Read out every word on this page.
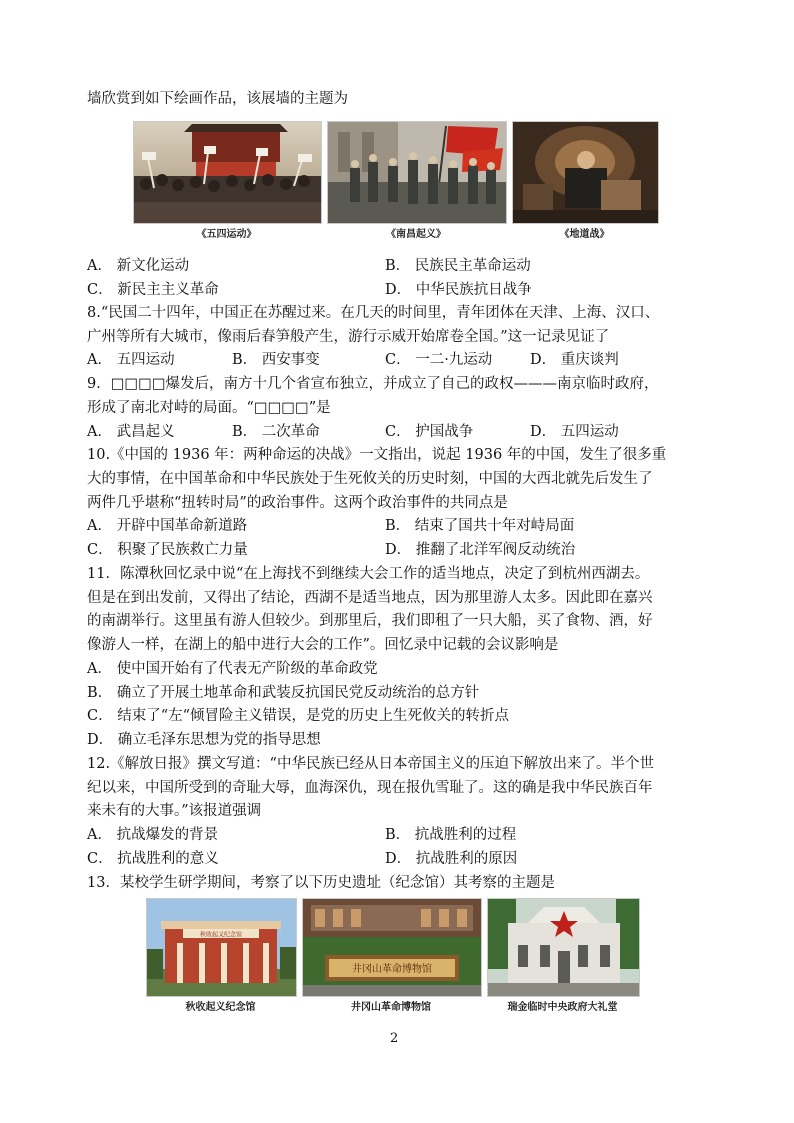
墙欣赏到如下绘画作品，该展墙的主题为
《五四运动》	《南昌起义》	《地道战》
A． 新文化运动	B． 民族民主革命运动
C． 新民主主义革命	D． 中华民族抗日战争
8.“民国二十四年，中国正在苏醒过来。在几天的时间里，青年团体在天津、上海、汉口、
广州等所有大城市，像雨后春笋般产生，游行示威开始席卷全国。”这一记录见证了
A． 五四运动	B． 西安事变	C． 一二·九运动	D． 重庆谈判
9．□□□□爆发后，南方十几个省宣布独立，并成立了自己的政权———南京临时政府，
形成了南北对峙的局面。“□□□□”是
A． 武昌起义	B． 二次革命	C． 护国战争	D． 五四运动
10.《中国的 1936 年：两种命运的决战》一文指出，说起 1936 年的中国，发生了很多重
大的事情，在中国革命和中华民族处于生死攸关的历史时刻，中国的大西北就先后发生了
两件几乎堪称“扭转时局”的政治事件。这两个政治事件的共同点是
A． 开辟中国革命新道路	B． 结束了国共十年对峙局面
C． 积聚了民族救亡力量	D． 推翻了北洋军阀反动统治
11．陈潭秋回忆录中说“在上海找不到继续大会工作的适当地点，决定了到杭州西湖去。
但是在到出发前，又得出了结论，西湖不是适当地点，因为那里游人太多。因此即在嘉兴
的南湖举行。这里虽有游人但较少。到那里后，我们即租了一只大船，买了食物、酒，好
像游人一样，在湖上的船中进行大会的工作”。回忆录中记载的会议影响是
A． 使中国开始有了代表无产阶级的革命政党
B． 确立了开展土地革命和武装反抗国民党反动统治的总方针
C． 结束了“左“倾冒险主义错误，是党的历史上生死攸关的转折点
D． 确立毛泽东思想为党的指导思想
12.《解放日报》撰文写道：“中华民族已经从日本帝国主义的压迫下解放出来了。半个世
纪以来，中国所受到的奇耻大辱，血海深仇，现在报仇雪耻了。这的确是我中华民族百年
来未有的大事。”该报道强调
A． 抗战爆发的背景	B． 抗战胜利的过程
C． 抗战胜利的意义	D． 抗战胜利的原因
13．某校学生研学期间，考察了以下历史遗址（纪念馆）其考察的主题是
秋收起义纪念馆
秋收起义纪念馆
井冈山革命博物馆
井冈山革命博物馆	瑞金临时中央政府大礼堂
2
